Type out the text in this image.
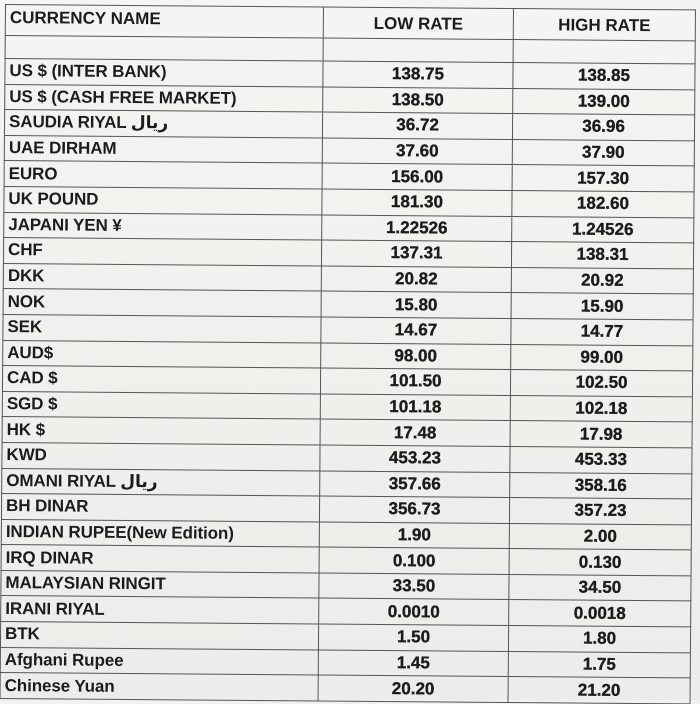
CURRENCY NAME	LOW RATE	HIGH RATE

US $ (INTER BANK)	138.75	138.85
US $ (CASH FREE MARKET)	138.50	139.00
SAUDIA RIYAL ريال	36.72	36.96
UAE DIRHAM	37.60	37.90
EURO	156.00	157.30
UK POUND	181.30	182.60
JAPANI YEN ¥	1.22526	1.24526
CHF	137.31	138.31
DKK	20.82	20.92
NOK	15.80	15.90
SEK	14.67	14.77
AUD$	98.00	99.00
CAD $	101.50	102.50
SGD $	101.18	102.18
HK $	17.48	17.98
KWD	453.23	453.33
OMANI RIYAL ريال	357.66	358.16
BH DINAR	356.73	357.23
INDIAN RUPEE(New Edition)	1.90	2.00
IRQ DINAR	0.100	0.130
MALAYSIAN RINGIT	33.50	34.50
IRANI RIYAL	0.0010	0.0018
BTK	1.50	1.80
Afghani Rupee	1.45	1.75
Chinese Yuan	20.20	21.20
